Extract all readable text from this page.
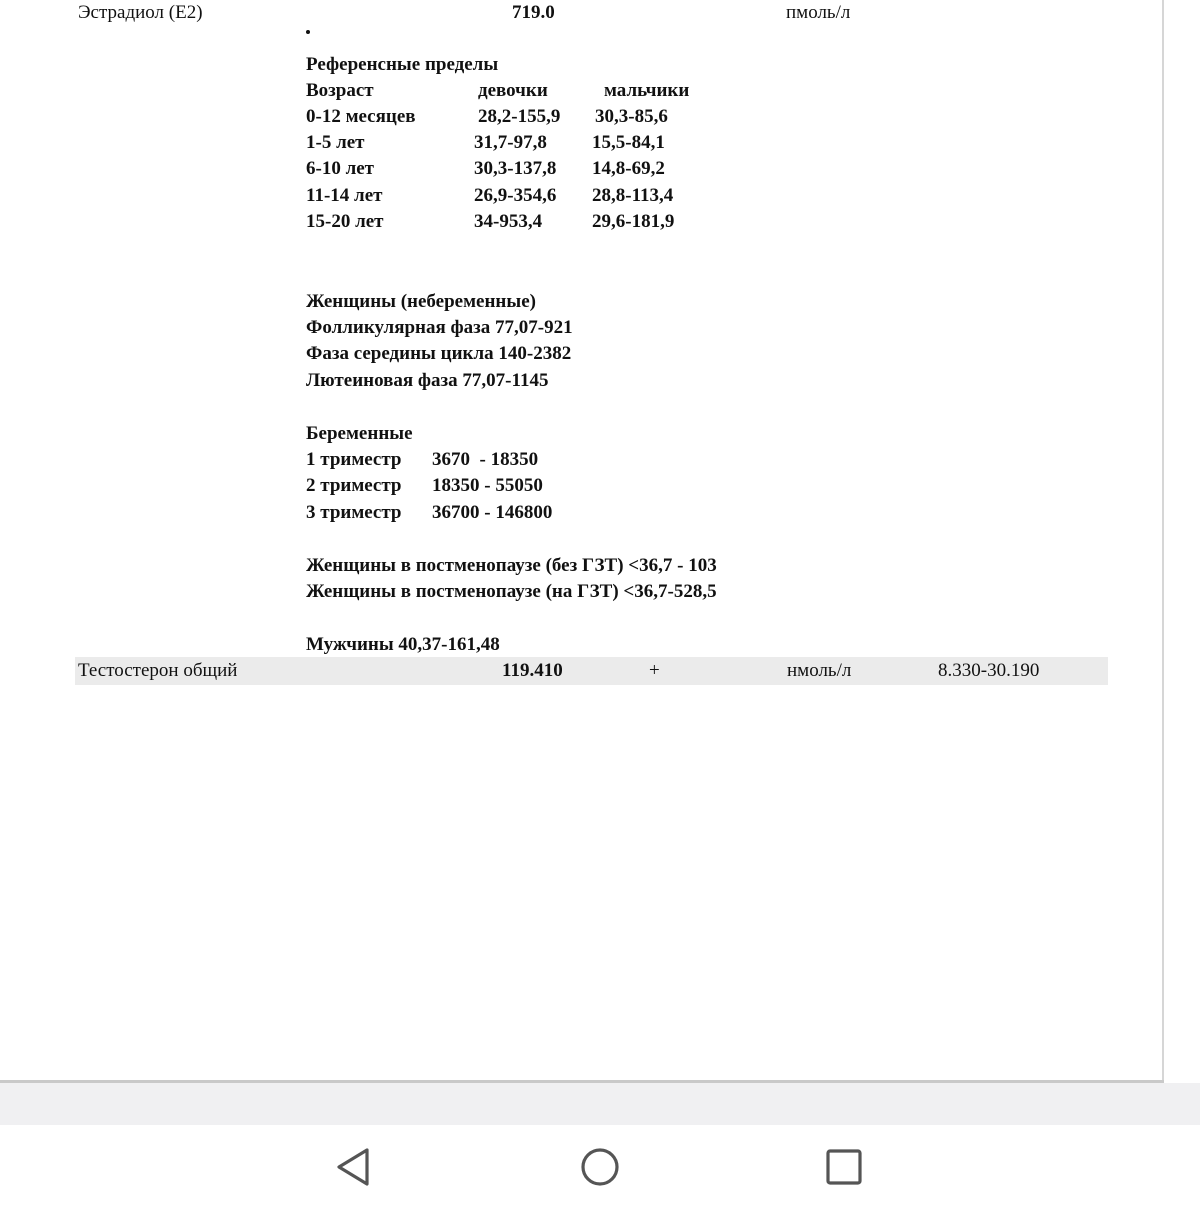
Эстрадиол (E2)	719.0	пмоль/л
Референсные пределы
Возраст	девочки	мальчики
0-12 месяцев	28,2-155,9 30,3-85,6
1-5 лет	31,7-97,8 15,5-84,1
6-10 лет	30,3-137,8 14,8-69,2
11-14 лет	26,9-354,6 28,8-113,4
15-20 лет	34-953,4	29,6-181,9
Женщины (небеременные)
Фолликулярная фаза 77,07-921
Фаза середины цикла 140-2382
Лютеиновая фаза 77,07-1145
Беременные
1 триместр 3670  - 18350
2 триместр 18350 - 55050
3 триместр 36700 - 146800
Женщины в постменопаузе (без ГЗТ) <36,7 - 103
Женщины в постменопаузе (на ГЗТ) <36,7-528,5
Мужчины 40,37-161,48
Тестостерон общий	119.410	+	нмоль/л	8.330-30.190
